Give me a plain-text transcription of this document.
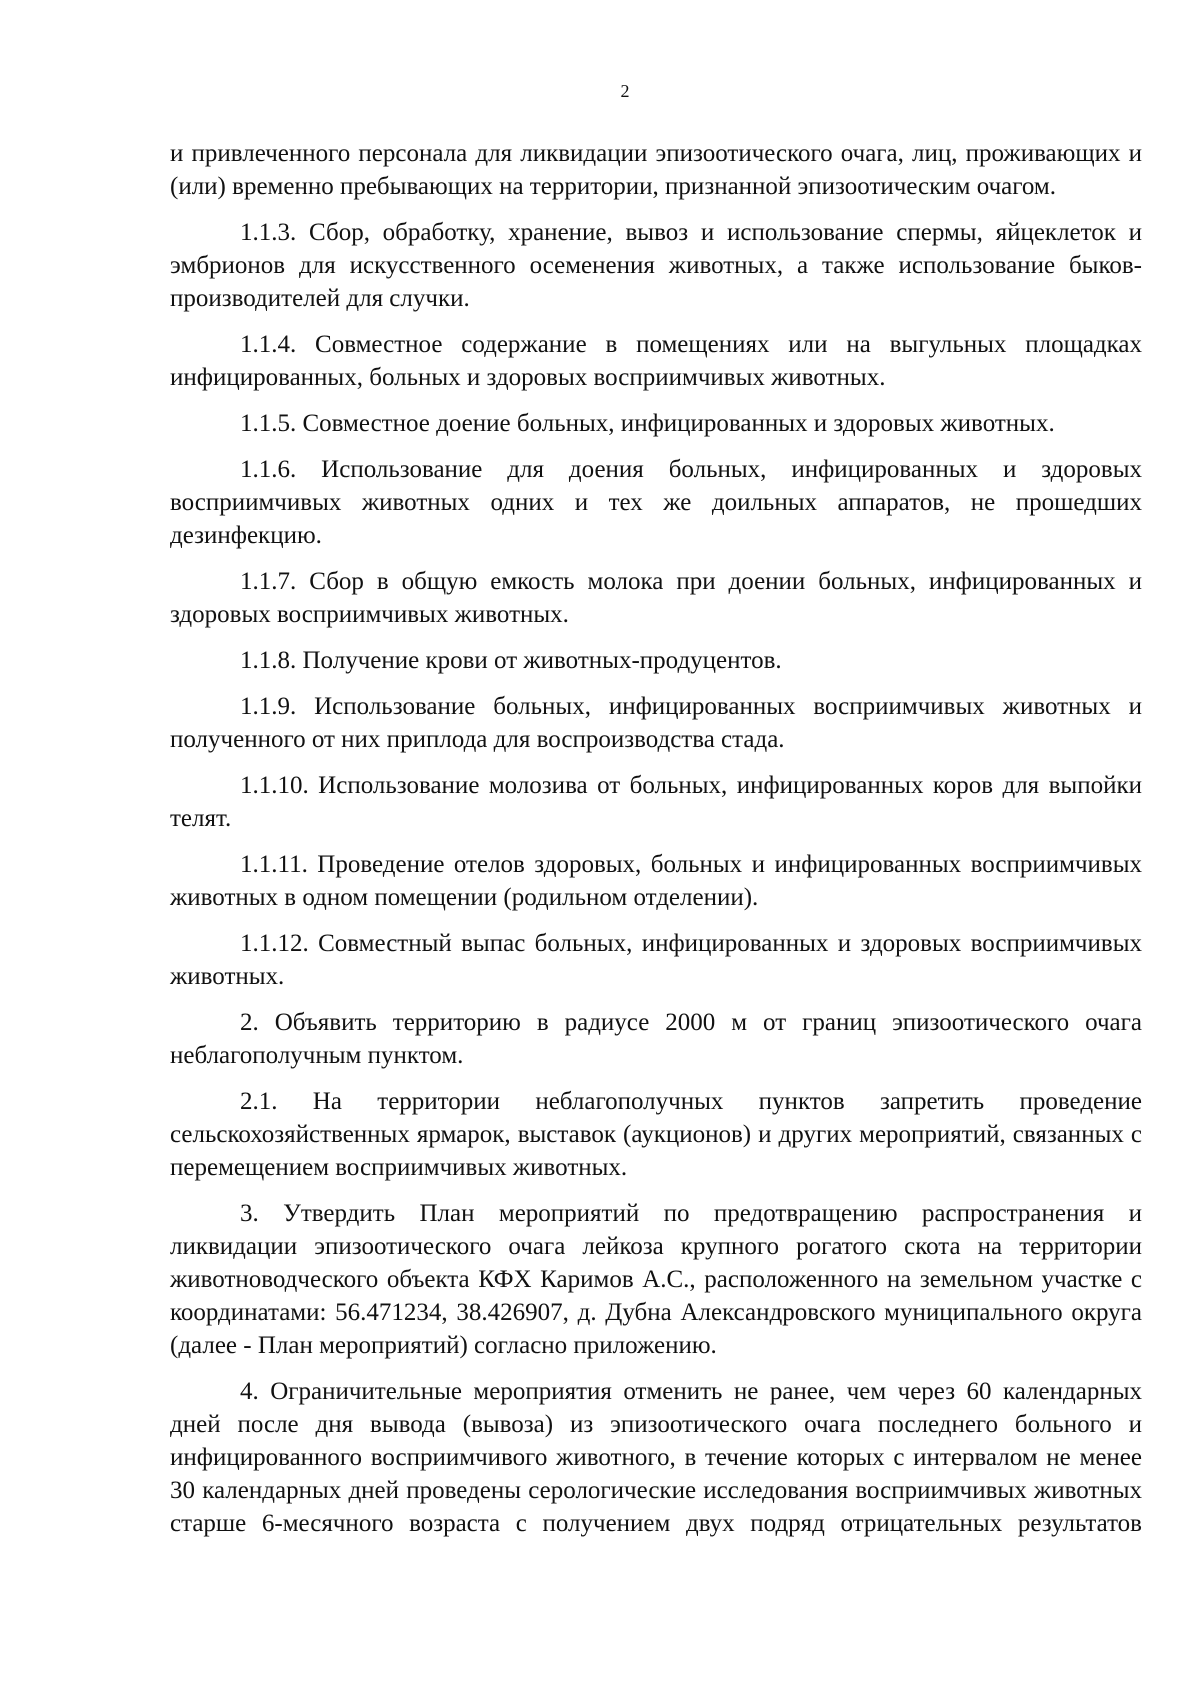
2

и привлеченного персонала для ликвидации эпизоотического очага, лиц, проживающих и (или) временно пребывающих на территории, признанной эпизоотическим очагом.

1.1.3. Сбор, обработку, хранение, вывоз и использование спермы, яйцеклеток и эмбрионов для искусственного осеменения животных, а также использование быков-производителей для случки.

1.1.4. Совместное содержание в помещениях или на выгульных площадках инфицированных, больных и здоровых восприимчивых животных.

1.1.5. Совместное доение больных, инфицированных и здоровых животных.

1.1.6. Использование для доения больных, инфицированных и здоровых восприимчивых животных одних и тех же доильных аппаратов, не прошедших дезинфекцию.

1.1.7. Сбор в общую емкость молока при доении больных, инфицированных и здоровых восприимчивых животных.

1.1.8. Получение крови от животных-продуцентов.

1.1.9. Использование больных, инфицированных восприимчивых животных и полученного от них приплода для воспроизводства стада.

1.1.10. Использование молозива от больных, инфицированных коров для выпойки телят.

1.1.11. Проведение отелов здоровых, больных и инфицированных восприимчивых животных в одном помещении (родильном отделении).

1.1.12. Совместный выпас больных, инфицированных и здоровых восприимчивых животных.

2. Объявить территорию в радиусе 2000 м от границ эпизоотического очага неблагополучным пунктом.

2.1. На территории неблагополучных пунктов запретить проведение сельскохозяйственных ярмарок, выставок (аукционов) и других мероприятий, связанных с перемещением восприимчивых животных.

3. Утвердить План мероприятий по предотвращению распространения и ликвидации эпизоотического очага лейкоза крупного рогатого скота на территории животноводческого объекта КФХ Каримов А.С., расположенного на земельном участке с координатами: 56.471234, 38.426907, д. Дубна Александровского муниципального округа (далее - План мероприятий) согласно приложению.

4. Ограничительные мероприятия отменить не ранее, чем через 60 календарных дней после дня вывода (вывоза) из эпизоотического очага последнего больного и инфицированного восприимчивого животного, в течение которых с интервалом не менее 30 календарных дней проведены серологические исследования восприимчивых животных старше 6-месячного возраста с получением двух подряд отрицательных результатов
